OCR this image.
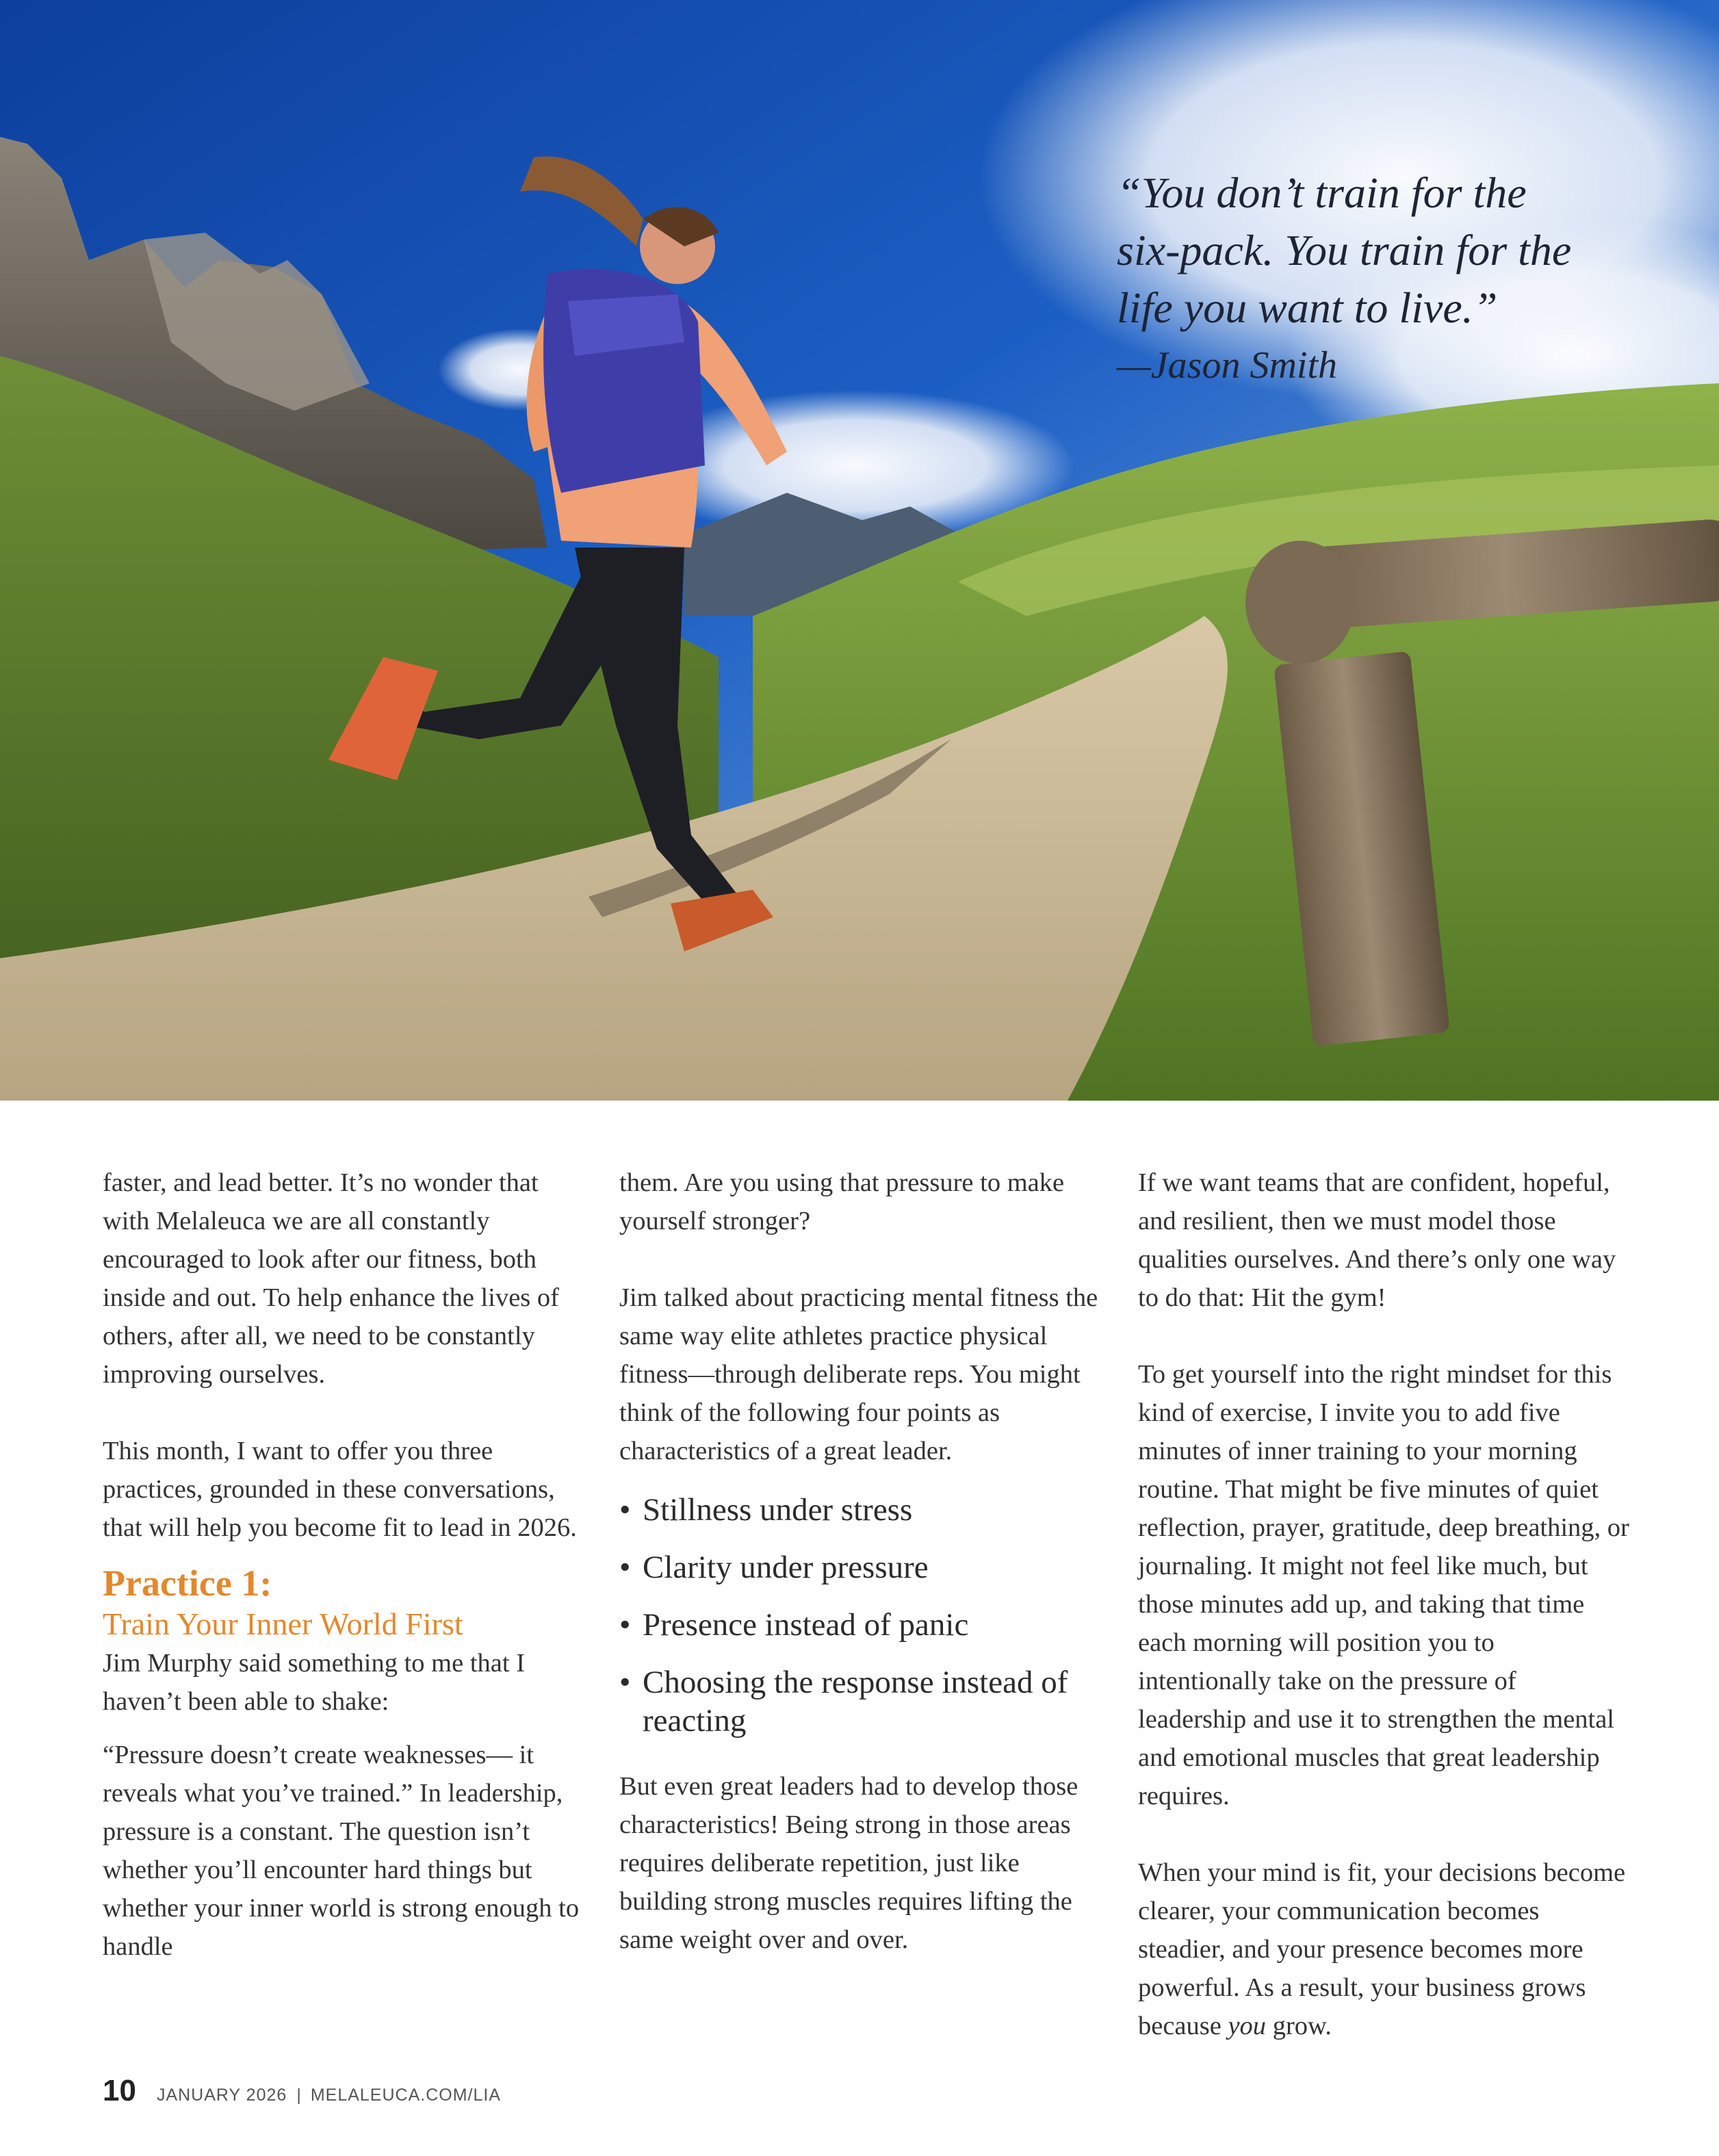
“You don’t train for the
six-pack. You train for the
life you want to live.”
—Jason Smith

faster, and lead better. It’s no wonder that with Melaleuca we are all constantly encouraged to look after our fitness, both inside and out. To help enhance the lives of others, after all, we need to be constantly improving ourselves.

This month, I want to offer you three practices, grounded in these conversations, that will help you become fit to lead in 2026.

Practice 1:
Train Your Inner World First

Jim Murphy said something to me that I haven’t been able to shake:

“Pressure doesn’t create weaknesses— it reveals what you’ve trained.” In leadership, pressure is a constant. The question isn’t whether you’ll encounter hard things but whether your inner world is strong enough to handle

them. Are you using that pressure to make yourself stronger?

Jim talked about practicing mental fitness the same way elite athletes practice physical fitness—through deliberate reps. You might think of the following four points as characteristics of a great leader.

• Stillness under stress
• Clarity under pressure
• Presence instead of panic
• Choosing the response instead of reacting

But even great leaders had to develop those characteristics! Being strong in those areas requires deliberate repetition, just like building strong muscles requires lifting the same weight over and over.

If we want teams that are confident, hopeful, and resilient, then we must model those qualities ourselves. And there’s only one way to do that: Hit the gym!

To get yourself into the right mindset for this kind of exercise, I invite you to add five minutes of inner training to your morning routine. That might be five minutes of quiet reflection, prayer, gratitude, deep breathing, or journaling. It might not feel like much, but those minutes add up, and taking that time each morning will position you to intentionally take on the pressure of leadership and use it to strengthen the mental and emotional muscles that great leadership requires.

When your mind is fit, your decisions become clearer, your communication becomes steadier, and your presence becomes more powerful. As a result, your business grows because you grow.

10 JANUARY 2026 | MELALEUCA.COM/LIA
